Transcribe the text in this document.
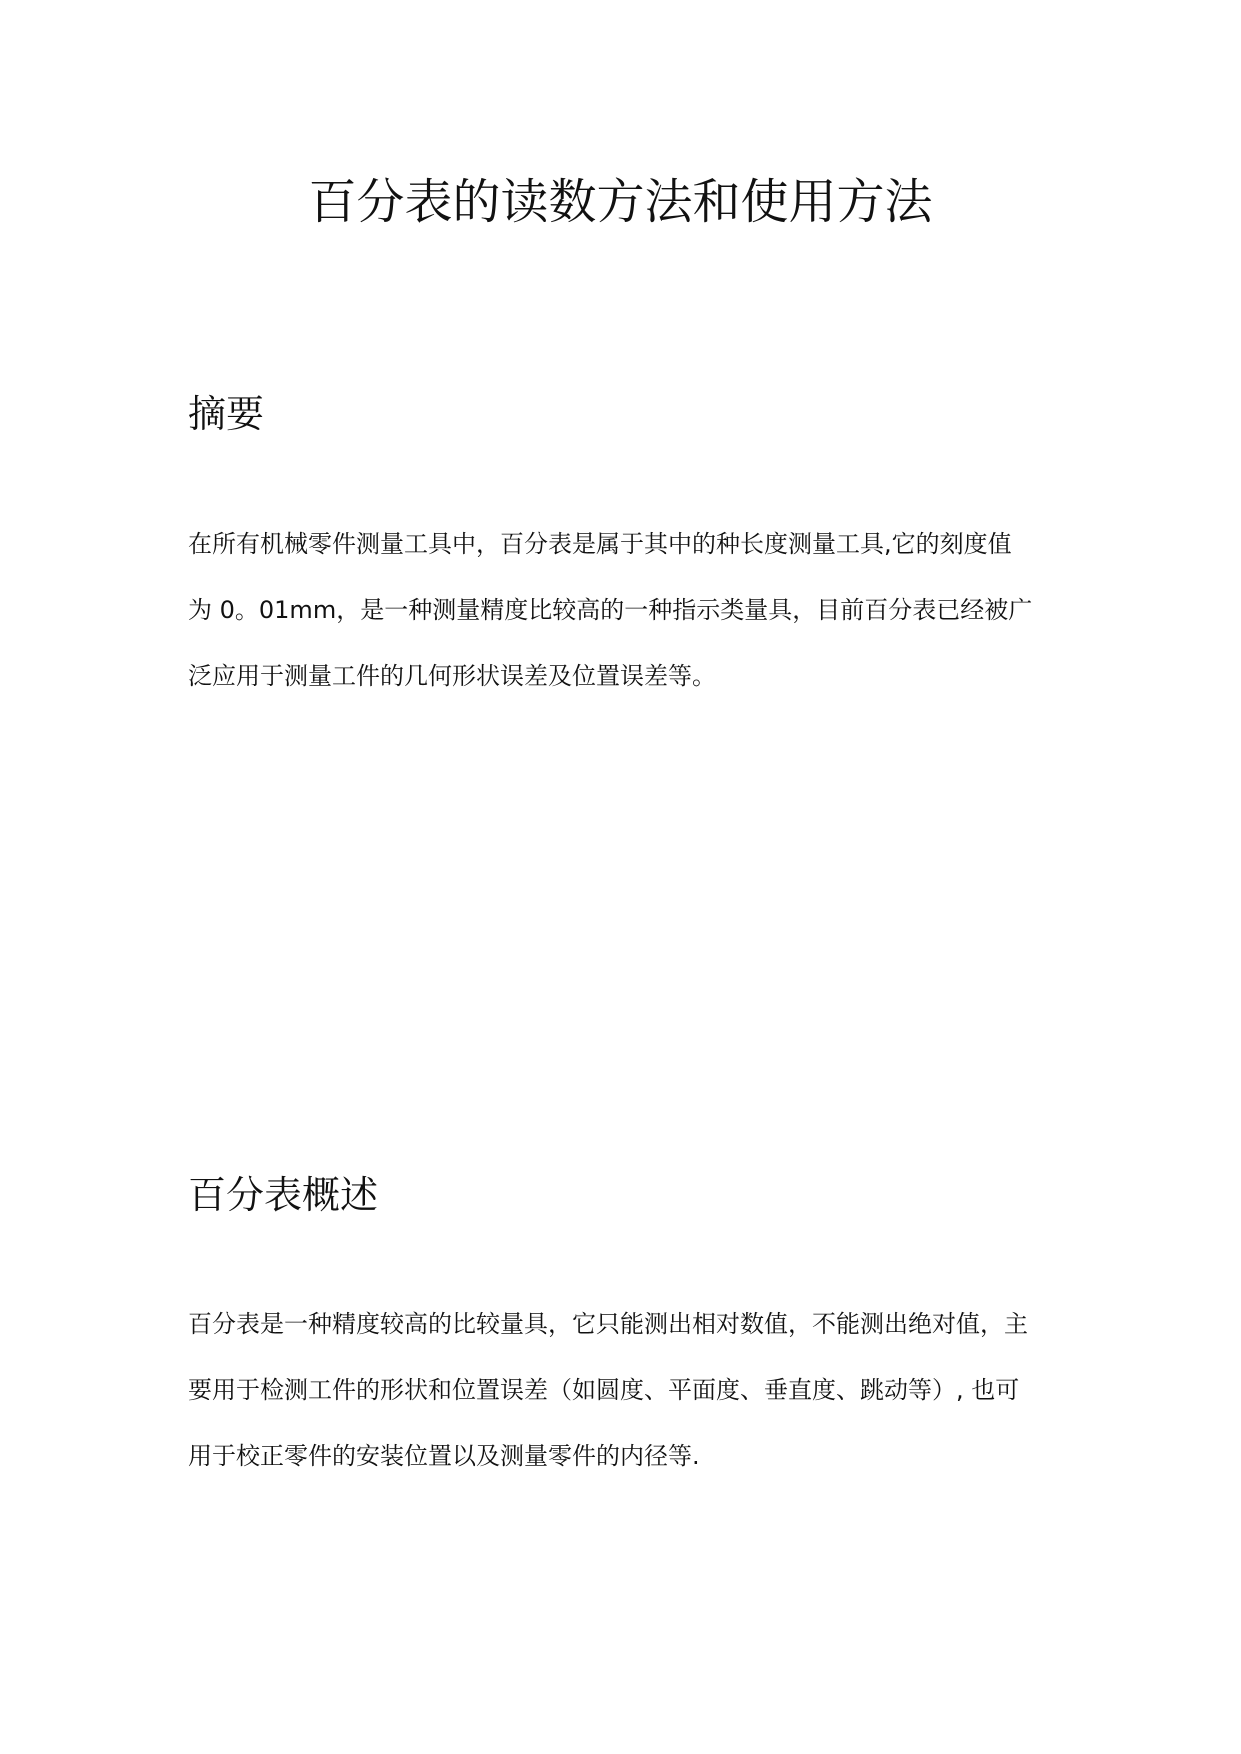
百分表的读数方法和使用方法
摘要

在所有机械零件测量工具中，百分表是属于其中的种长度测量工具,它的刻度值
为 0。01mm，是一种测量精度比较高的一种指示类量具，目前百分表已经被广
泛应用于测量工件的几何形状误差及位置误差等。

百分表概述

百分表是一种精度较高的比较量具，它只能测出相对数值，不能测出绝对值，主
要用于检测工件的形状和位置误差（如圆度、平面度、垂直度、跳动等）, 也可
用于校正零件的安装位置以及测量零件的内径等.
